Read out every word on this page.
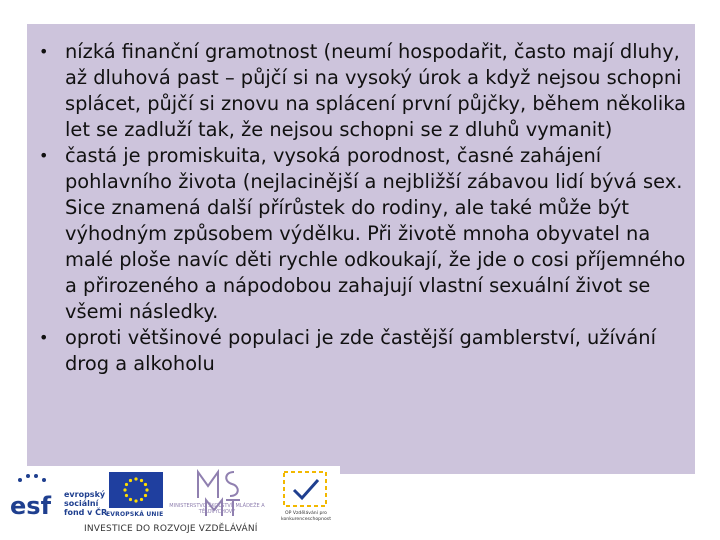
• nízká finanční gramotnost (neumí hospodařit, často mají dluhy, až dluhová past – půjčí si na vysoký úrok a když nejsou schopni splácet, půjčí si znovu na splácení první půjčky, během několika let se zadluží tak, že nejsou schopni se z dluhů vymanit)
• častá je promiskuita, vysoká porodnost, časné zahájení pohlavního života (nejlacinější a nejbližší zábavou lidí bývá sex. Sice znamená další přírůstek do rodiny, ale také může být výhodným způsobem výdělku. Při životě mnoha obyvatel na malé ploše navíc děti rychle odkoukají, že jde o cosi příjemného a přirozeného a nápodobou zahajují vlastní sexuální život se všemi následky.
• oproti většinové populaci je zde častější gamblerství, užívání drog a alkoholu
esf evropský
sociální
fond v ČR
EVROPSKÁ UNIE
MINISTERSTVO ŠKOLSTVÍ, MLÁDEŽE A TĚLOVÝCHOVY	OP Vzdělávání pro konkurenceschopnost
INVESTICE DO ROZVOJE VZDĚLÁVÁNÍ
